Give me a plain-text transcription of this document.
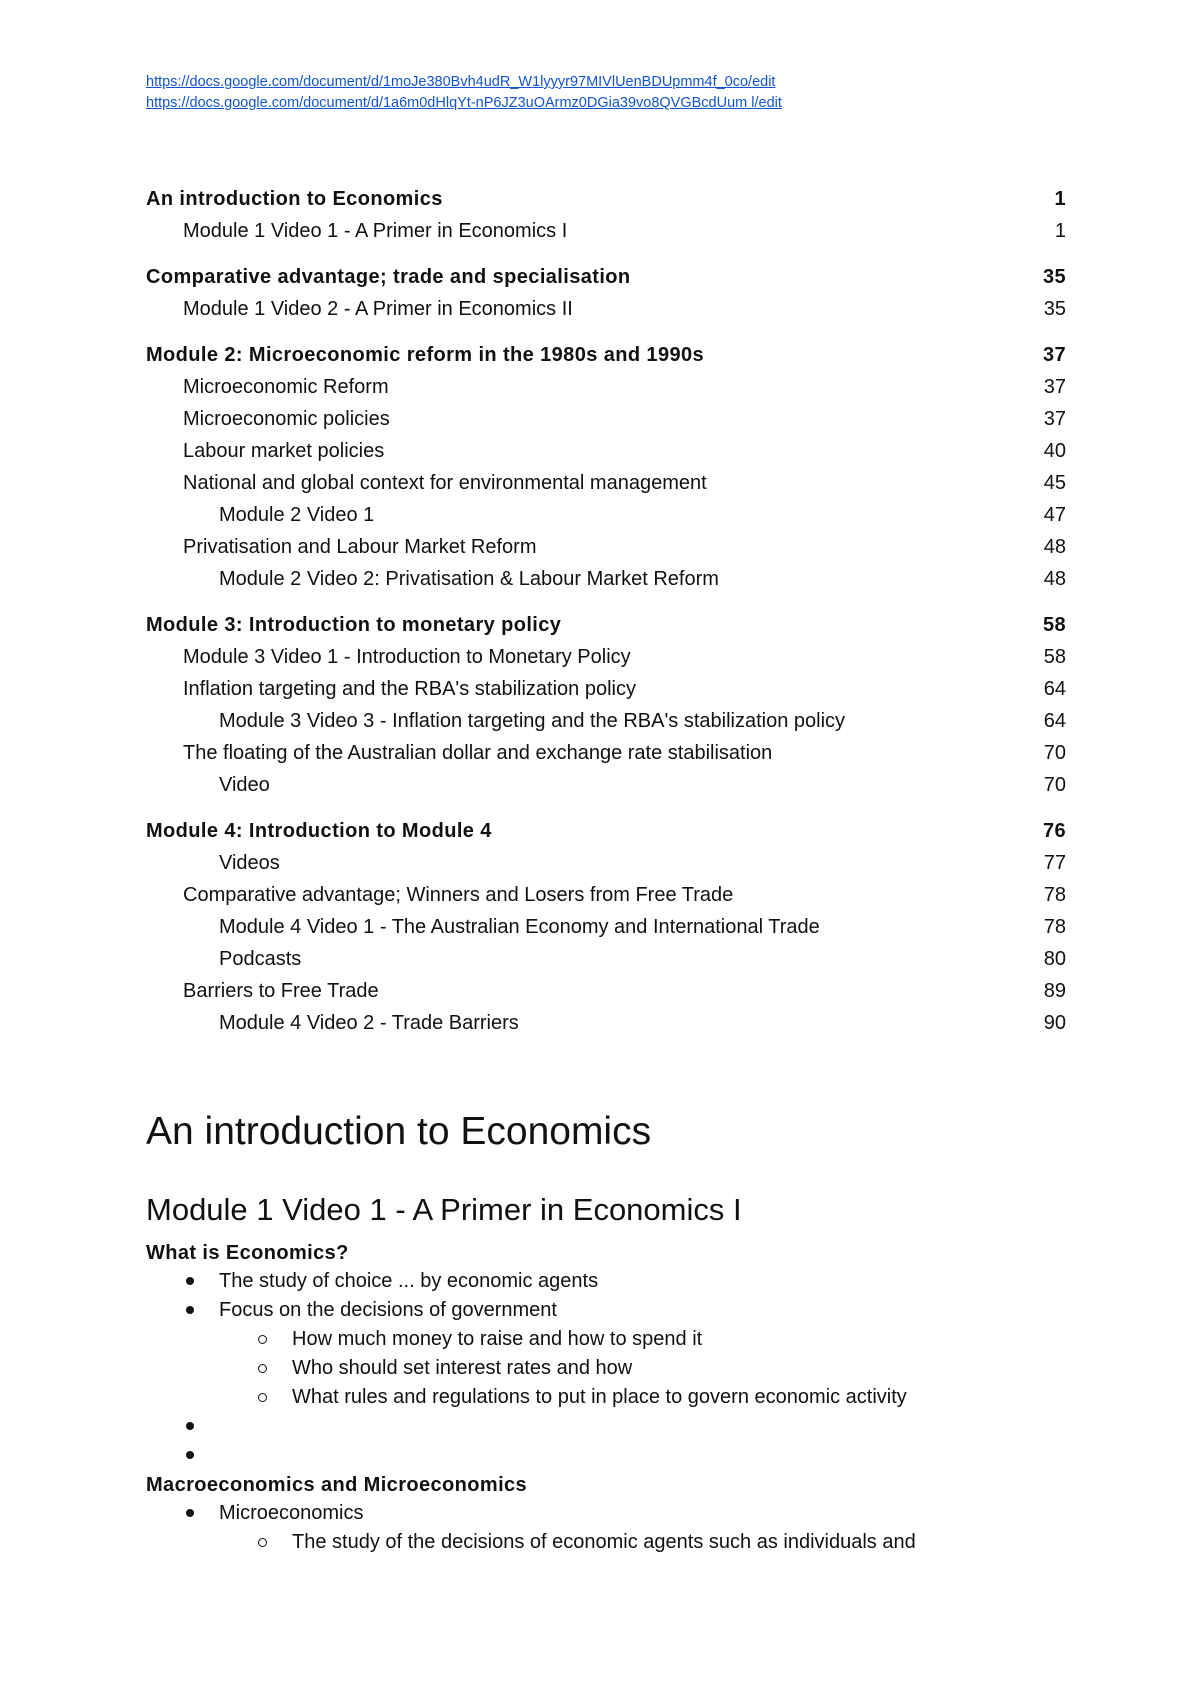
https://docs.google.com/document/d/1moJe380Bvh4udR_W1lyyyr97MIVlUenBDUpmm4f_0co/edit
https://docs.google.com/document/d/1a6m0dHlqYt-nP6JZ3uOArmz0DGia39vo8QVGBcdUum l/edit
An introduction to Economics	1
Module 1 Video 1 - A Primer in Economics I	1
Comparative advantage; trade and specialisation	35
Module 1 Video 2 - A Primer in Economics II	35
Module 2: Microeconomic reform in the 1980s and 1990s	37
Microeconomic Reform	37
Microeconomic policies	37
Labour market policies	40
National and global context for environmental management	45
Module 2 Video 1	47
Privatisation and Labour Market Reform	48
Module 2 Video 2: Privatisation & Labour Market Reform	48
Module 3: Introduction to monetary policy	58
Module 3 Video 1 - Introduction to Monetary Policy	58
Inflation targeting and the RBA's stabilization policy	64
Module 3 Video 3 - Inflation targeting and the RBA's stabilization policy	64
The floating of the Australian dollar and exchange rate stabilisation	70
Video	70
Module 4: Introduction to Module 4	76
Videos	77
Comparative advantage; Winners and Losers from Free Trade	78
Module 4 Video 1 - The Australian Economy and International Trade	78
Podcasts	80
Barriers to Free Trade	89
Module 4 Video 2 - Trade Barriers	90
An introduction to Economics
Module 1 Video 1 - A Primer in Economics I
What is Economics?
The study of choice ... by economic agents
Focus on the decisions of government
How much money to raise and how to spend it
Who should set interest rates and how
What rules and regulations to put in place to govern economic activity
Macroeconomics and Microeconomics
Microeconomics
The study of the decisions of economic agents such as individuals and
